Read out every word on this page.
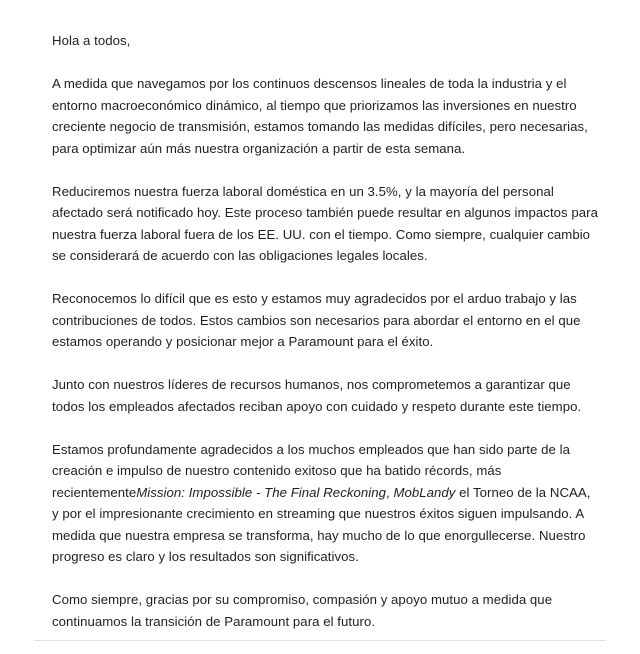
Hola a todos,

A medida que navegamos por los continuos descensos lineales de toda la industria y el entorno macroeconómico dinámico, al tiempo que priorizamos las inversiones en nuestro creciente negocio de transmisión, estamos tomando las medidas difíciles, pero necesarias, para optimizar aún más nuestra organización a partir de esta semana.

Reduciremos nuestra fuerza laboral doméstica en un 3.5%, y la mayoría del personal afectado será notificado hoy. Este proceso también puede resultar en algunos impactos para nuestra fuerza laboral fuera de los EE. UU. con el tiempo. Como siempre, cualquier cambio se considerará de acuerdo con las obligaciones legales locales.

Reconocemos lo difícil que es esto y estamos muy agradecidos por el arduo trabajo y las contribuciones de todos. Estos cambios son necesarios para abordar el entorno en el que estamos operando y posicionar mejor a Paramount para el éxito.

Junto con nuestros líderes de recursos humanos, nos comprometemos a garantizar que todos los empleados afectados reciban apoyo con cuidado y respeto durante este tiempo.

Estamos profundamente agradecidos a los muchos empleados que han sido parte de la creación e impulso de nuestro contenido exitoso que ha batido récords, más recientementeMission: Impossible - The Final Reckoning, MobLandy el Torneo de la NCAA, y por el impresionante crecimiento en streaming que nuestros éxitos siguen impulsando. A medida que nuestra empresa se transforma, hay mucho de lo que enorgullecerse. Nuestro progreso es claro y los resultados son significativos.

Como siempre, gracias por su compromiso, compasión y apoyo mutuo a medida que continuamos la transición de Paramount para el futuro.
